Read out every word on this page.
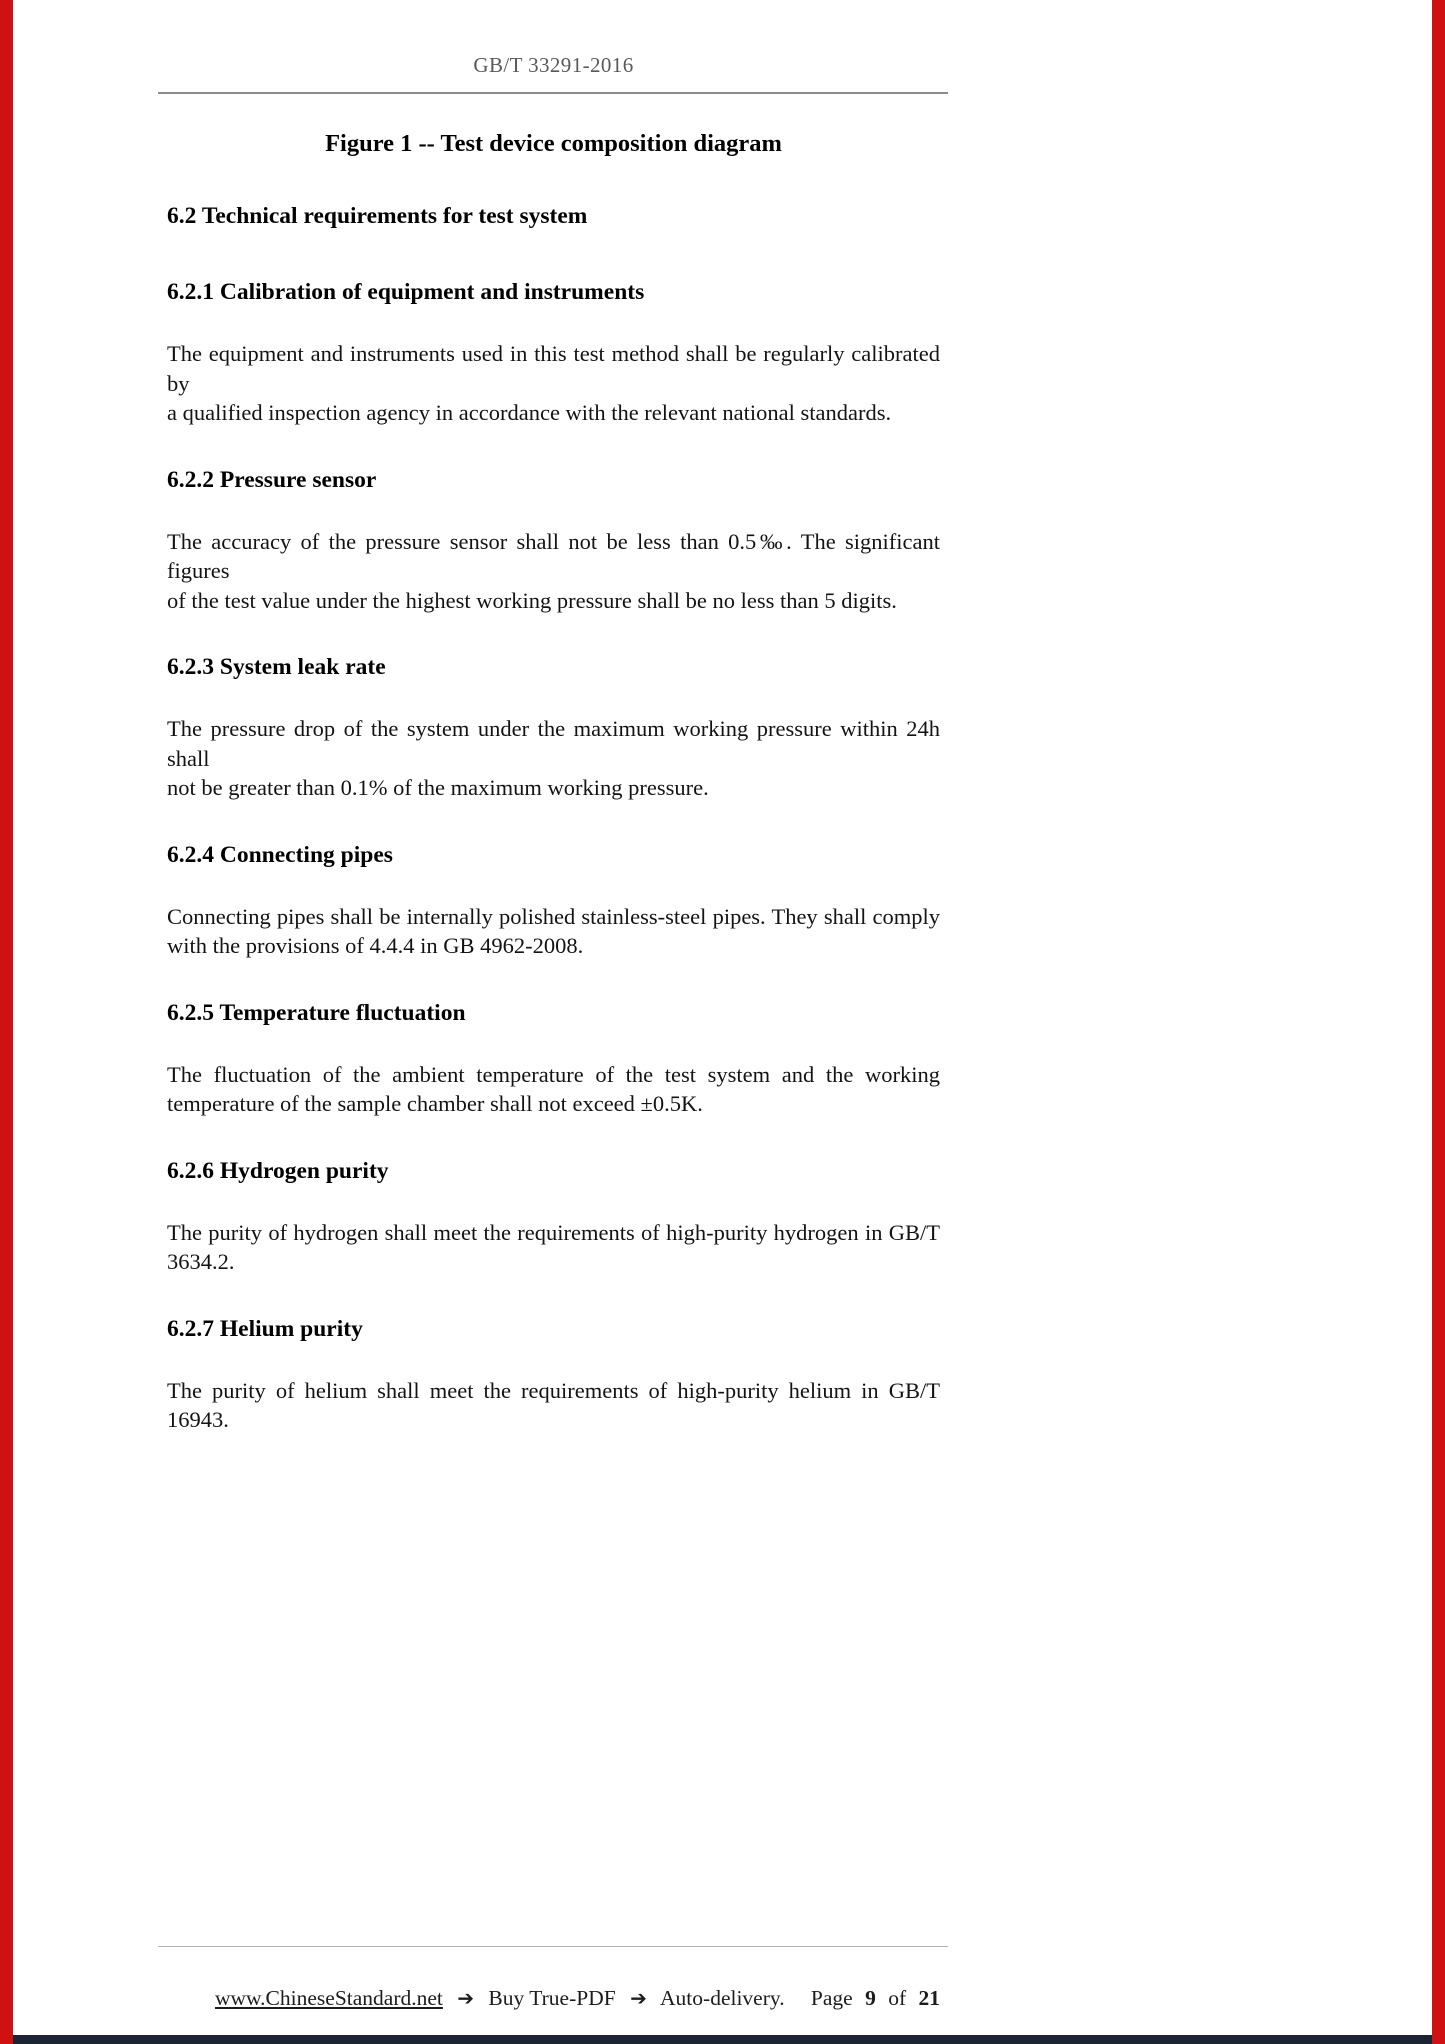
GB/T 33291-2016
Figure 1 -- Test device composition diagram
6.2 Technical requirements for test system
6.2.1 Calibration of equipment and instruments
The equipment and instruments used in this test method shall be regularly calibrated by
a qualified inspection agency in accordance with the relevant national standards.
6.2.2 Pressure sensor
The accuracy of the pressure sensor shall not be less than 0.5‰. The significant figures
of the test value under the highest working pressure shall be no less than 5 digits.
6.2.3 System leak rate
The pressure drop of the system under the maximum working pressure within 24h shall
not be greater than 0.1% of the maximum working pressure.
6.2.4 Connecting pipes
Connecting pipes shall be internally polished stainless-steel pipes. They shall comply
with the provisions of 4.4.4 in GB 4962-2008.
6.2.5 Temperature fluctuation
The fluctuation of the ambient temperature of the test system and the working
temperature of the sample chamber shall not exceed ±0.5K.
6.2.6 Hydrogen purity
The purity of hydrogen shall meet the requirements of high-purity hydrogen in GB/T
3634.2.
6.2.7 Helium purity
The purity of helium shall meet the requirements of high-purity helium in GB/T 16943.
www.ChineseStandard.net ➔ Buy True-PDF ➔ Auto-delivery. Page 9 of 21
